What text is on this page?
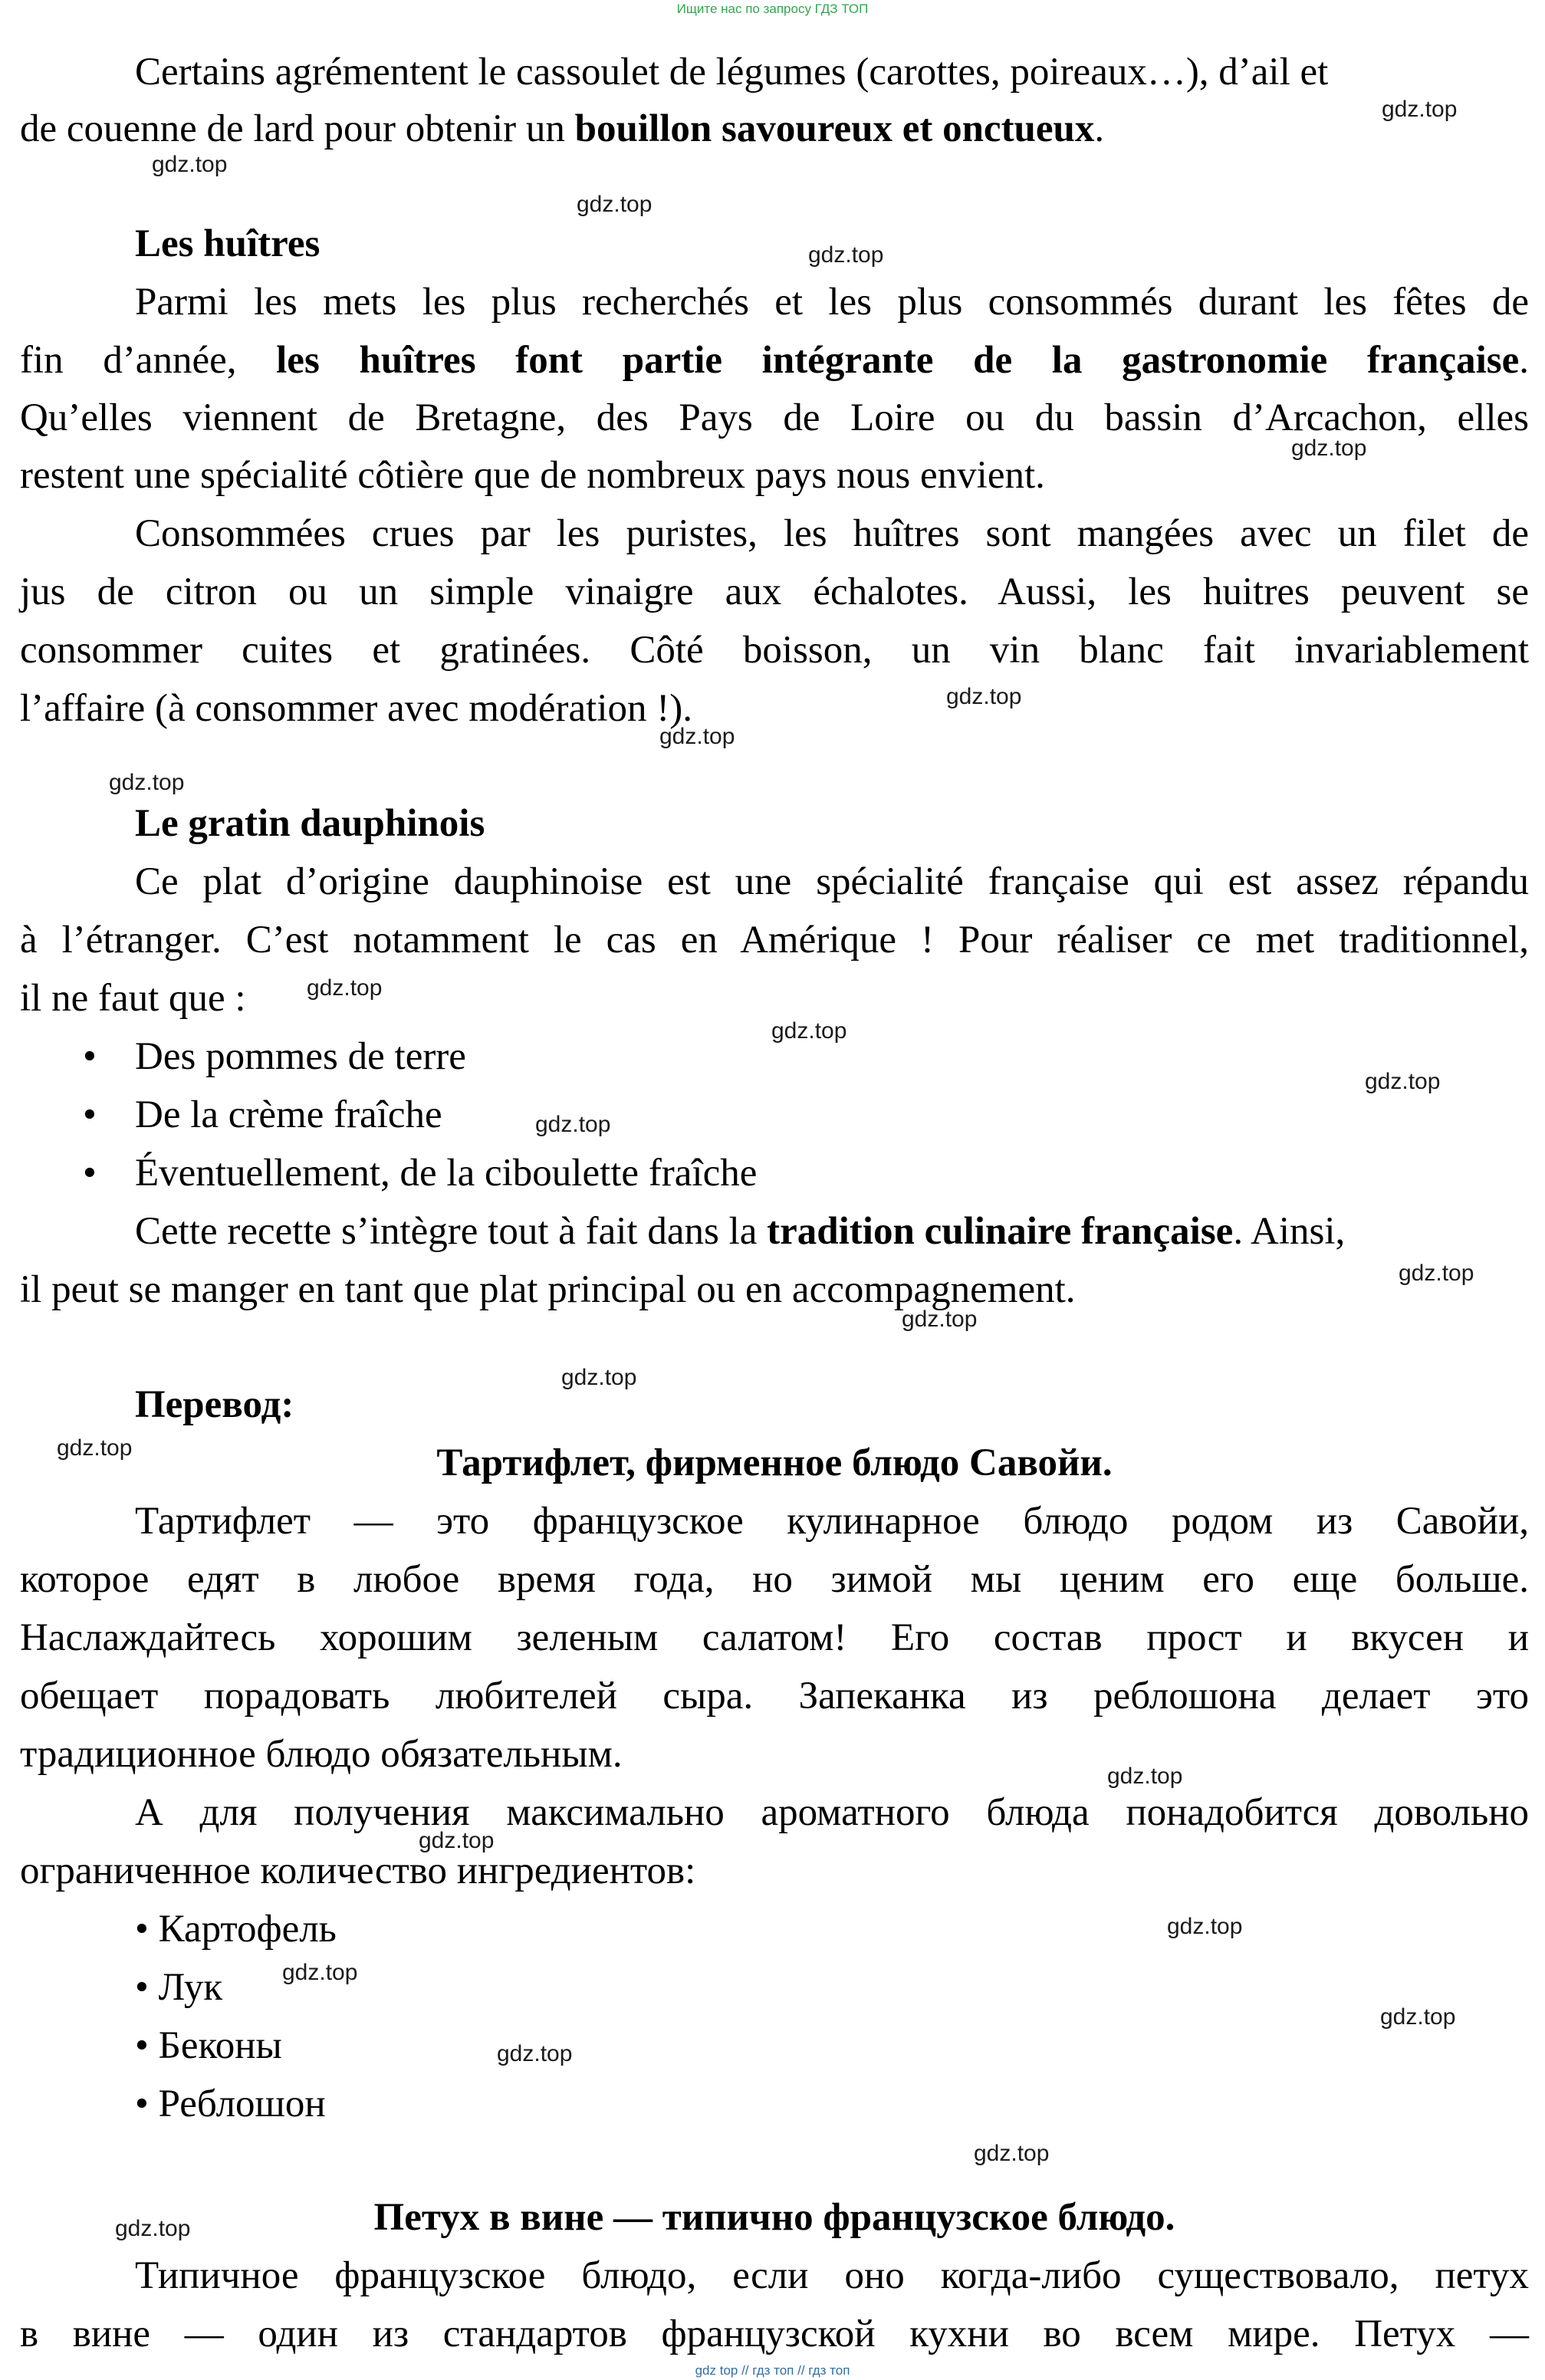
Ищите нас по запросу ГДЗ ТОП
Certains agrémentent le cassoulet de légumes (carottes, poireaux…), d’ail et
de couenne de lard pour obtenir un bouillon savoureux et onctueux.
Les huîtres
Parmi les mets les plus recherchés et les plus consommés durant les fêtes de
fin d’année, les huîtres font partie intégrante de la gastronomie française.
Qu’elles viennent de Bretagne, des Pays de Loire ou du bassin d’Arcachon, elles
restent une spécialité côtière que de nombreux pays nous envient.
Consommées crues par les puristes, les huîtres sont mangées avec un filet de
jus de citron ou un simple vinaigre aux échalotes. Aussi, les huitres peuvent se
consommer cuites et gratinées. Côté boisson, un vin blanc fait invariablement
l’affaire (à consommer avec modération !).
Le gratin dauphinois
Ce plat d’origine dauphinoise est une spécialité française qui est assez répandu
à l’étranger. C’est notamment le cas en Amérique ! Pour réaliser ce met traditionnel,
il ne faut que :
• Des pommes de terre
• De la crème fraîche
• Éventuellement, de la ciboulette fraîche
Cette recette s’intègre tout à fait dans la tradition culinaire française. Ainsi,
il peut se manger en tant que plat principal ou en accompagnement.
Перевод:
Тартифлет, фирменное блюдо Савойи.
Тартифлет — это французское кулинарное блюдо родом из Савойи,
которое едят в любое время года, но зимой мы ценим его еще больше.
Наслаждайтесь хорошим зеленым салатом! Его состав прост и вкусен и
обещает порадовать любителей сыра. Запеканка из реблошона делает это
традиционное блюдо обязательным.
А для получения максимально ароматного блюда понадобится довольно
ограниченное количество ингредиентов:
• Картофель
• Лук
• Беконы
• Реблошон
Петух в вине — типично французское блюдо.
Типичное французское блюдо, если оно когда-либо существовало, петух
в вине — один из стандартов французской кухни во всем мире. Петух —
gdz.top
gdz.top
gdz.top
gdz.top
gdz.top
gdz.top
gdz.top
gdz.top
gdz.top
gdz.top
gdz.top
gdz.top
gdz.top
gdz.top
gdz.top
gdz.top
gdz.top
gdz.top
gdz.top
gdz.top
gdz.top
gdz.top
gdz.top
gdz.top
gdz top // гдз топ // гдз топ
